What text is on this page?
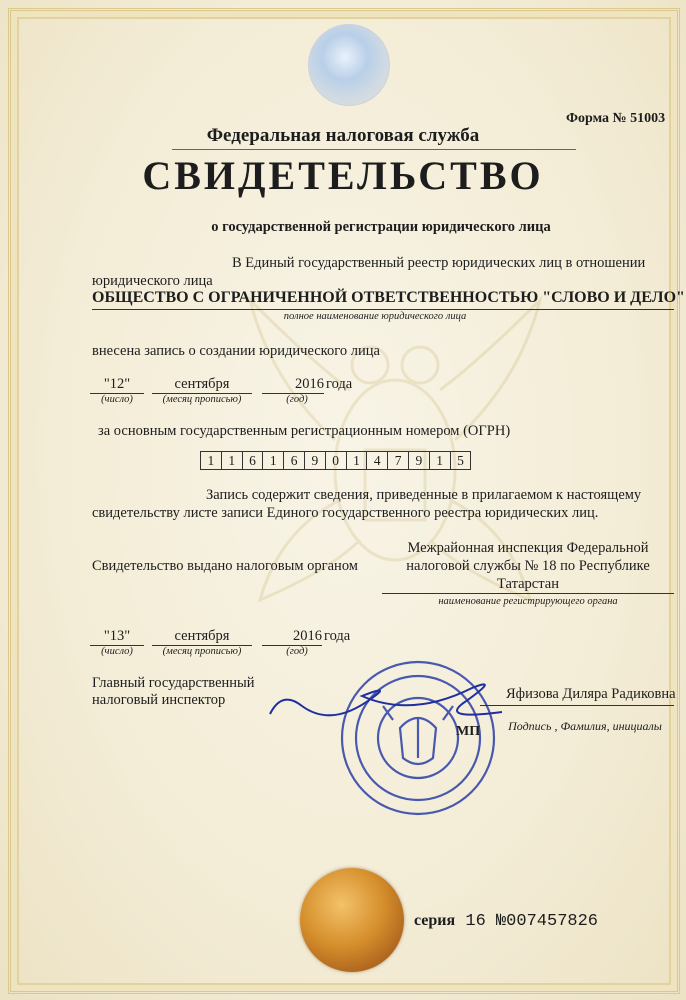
Форма № 51003
Федеральная налоговая служба
СВИДЕТЕЛЬСТВО
о государственной регистрации юридического лица
В Единый государственный реестр юридических лиц в отношении
юридического лица
ОБЩЕСТВО С ОГРАНИЧЕННОЙ ОТВЕТСТВЕННОСТЬЮ "СЛОВО И ДЕЛО"
полное наименование юридического лица
внесена запись о создании юридического лица
"12"	сентября	2016 года
(число)	(месяц прописью)	(год)
за основным государственным регистрационным номером (ОГРН)
1	1	6	1	6	9	0	1	4	7	9	1	5
Запись содержит сведения, приведенные в прилагаемом к настоящему
свидетельству листе записи Единого государственного реестра юридических лиц.
Свидетельство выдано налоговым органом
Межрайонная инспекция Федеральной
налоговой службы № 18 по Республике
Татарстан
наименование регистрирующего органа
"13"	сентября	2016 года
(число)	(месяц прописью)	(год)
Главный государственный
налоговый инспектор
МП
Яфизова Диляра Радиковна
Подпись , Фамилия, инициалы
серия 16 №007457826
